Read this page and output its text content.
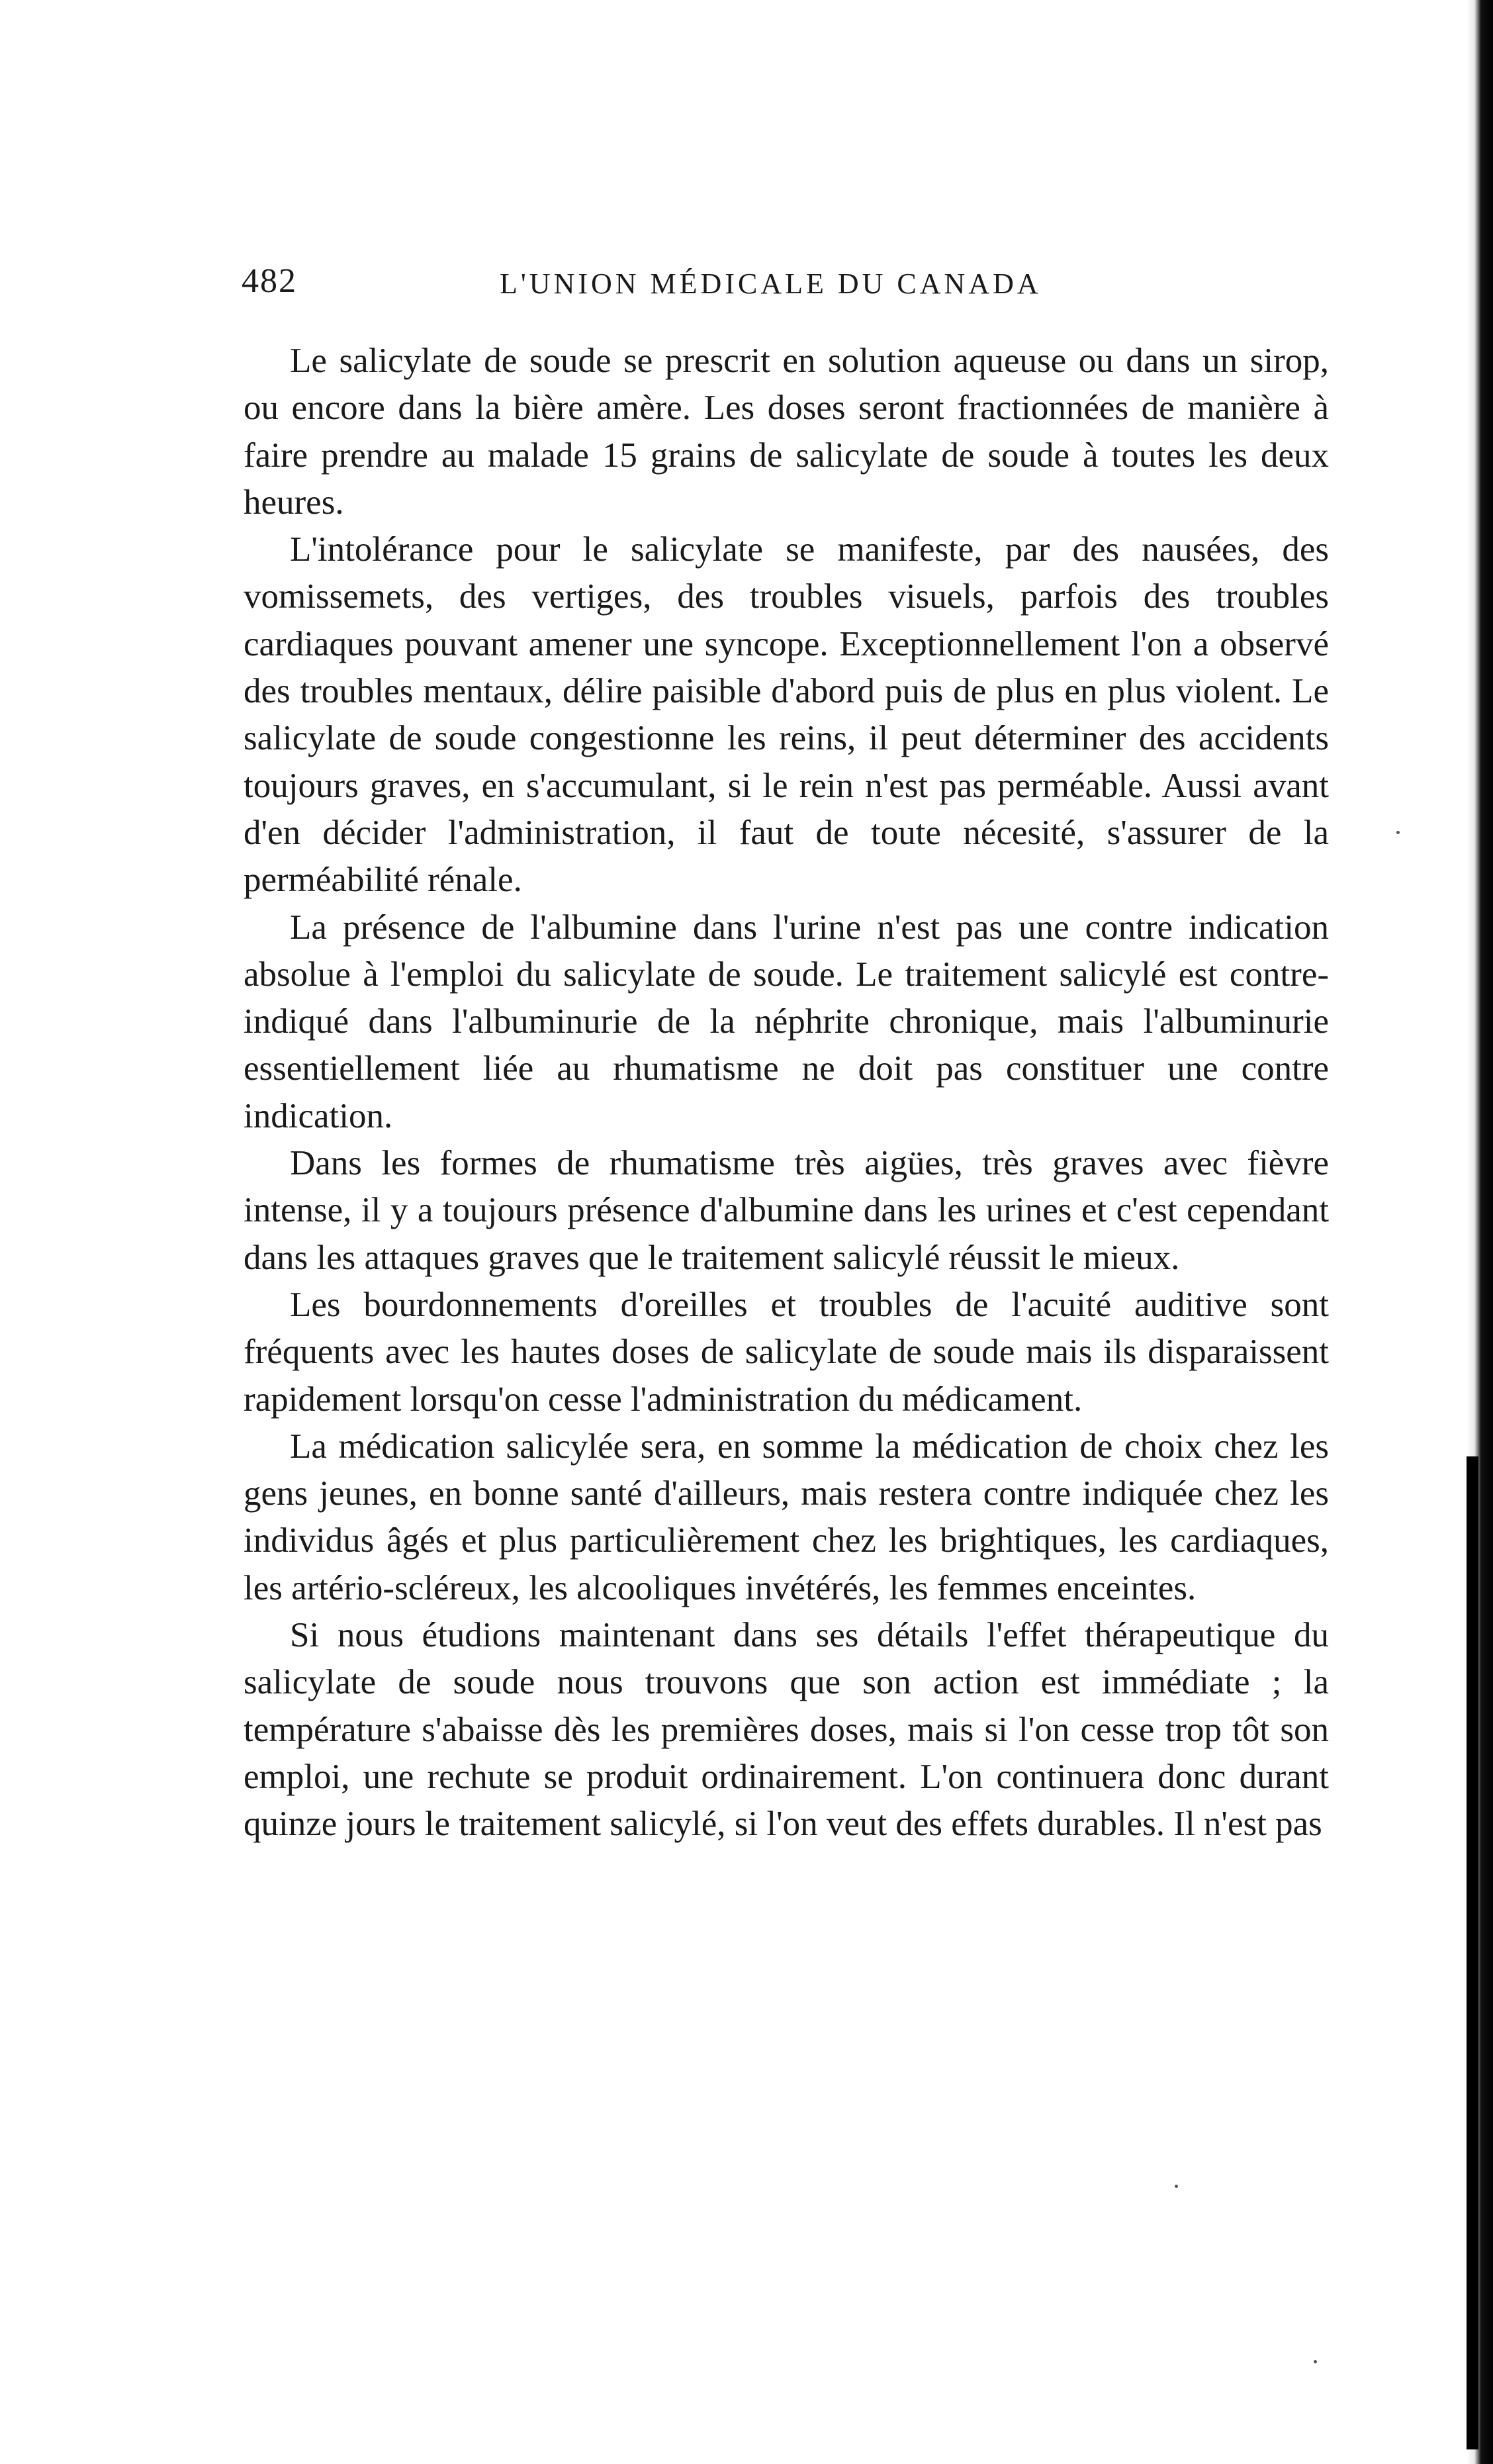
482	L'UNION MÉDICALE DU CANADA

Le salicylate de soude se prescrit en solution aqueuse ou dans un sirop, ou encore dans la bière amère. Les doses seront fractionnées de manière à faire prendre au malade 15 grains de salicylate de soude à toutes les deux heures.

L'intolérance pour le salicylate se manifeste, par des nausées, des vomissemets, des vertiges, des troubles visuels, parfois des troubles cardiaques pouvant amener une syncope. Exceptionnellement l'on a observé des troubles mentaux, délire paisible d'abord puis de plus en plus violent. Le salicylate de soude congestionne les reins, il peut déterminer des accidents toujours graves, en s'accumulant, si le rein n'est pas perméable. Aussi avant d'en décider l'administration, il faut de toute nécesité, s'assurer de la perméabilité rénale.

La présence de l'albumine dans l'urine n'est pas une contre indication absolue à l'emploi du salicylate de soude. Le traitement salicylé est contre-indiqué dans l'albuminurie de la néphrite chronique, mais l'albuminurie essentiellement liée au rhumatisme ne doit pas constituer une contre indication.

Dans les formes de rhumatisme très aigües, très graves avec fièvre intense, il y a toujours présence d'albumine dans les urines et c'est cependant dans les attaques graves que le traitement salicylé réussit le mieux.

Les bourdonnements d'oreilles et troubles de l'acuité auditive sont fréquents avec les hautes doses de salicylate de soude mais ils disparaissent rapidement lorsqu'on cesse l'administration du médicament.

La médication salicylée sera, en somme la médication de choix chez les gens jeunes, en bonne santé d'ailleurs, mais restera contre indiquée chez les individus âgés et plus particulièrement chez les brightiques, les cardiaques, les artério-scléreux, les alcooliques invétérés, les femmes enceintes.

Si nous étudions maintenant dans ses détails l'effet thérapeutique du salicylate de soude nous trouvons que son action est immédiate ; la température s'abaisse dès les premières doses, mais si l'on cesse trop tôt son emploi, une rechute se produit ordinairement. L'on continuera donc durant quinze jours le traitement salicylé, si l'on veut des effets durables. Il n'est pas
